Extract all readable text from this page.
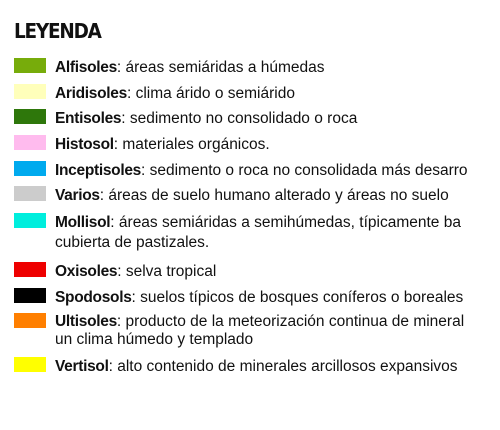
LEYENDA
Alfisoles: áreas semiáridas a húmedas
Aridisoles: clima árido o semiárido
Entisoles: sedimento no consolidado o roca
Histosol: materiales orgánicos.
Inceptisoles: sedimento o roca no consolidada más desarro
Varios: áreas de suelo humano alterado y áreas no suelo
Mollisol: áreas semiáridas a semihúmedas, típicamente ba
cubierta de pastizales.
Oxisoles: selva tropical
Spodosols: suelos típicos de bosques coníferos o boreales
Ultisoles: producto de la meteorización continua de mineral
un clima húmedo y templado
Vertisol: alto contenido de minerales arcillosos expansivos
